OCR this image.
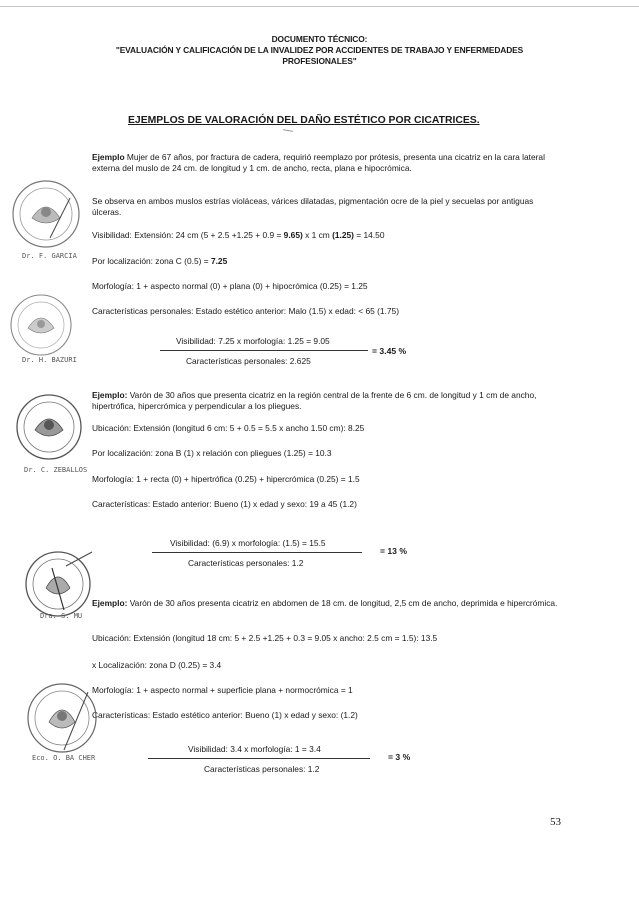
DOCUMENTO TÉCNICO:
"EVALUACIÓN Y CALIFICACIÓN DE LA INVALIDEZ POR ACCIDENTES DE TRABAJO Y ENFERMEDADES
PROFESIONALES"
EJEMPLOS DE VALORACIÓN DEL DAÑO ESTÉTICO POR CICATRICES.
Ejemplo Mujer de 67 años, por fractura de cadera, requirió reemplazo por prótesis, presenta una cicatriz en la cara lateral externa del muslo de 24 cm. de longitud y 1 cm. de ancho, recta, plana e hipocrómica.
Se observa en ambos muslos estrías violáceas, várices dilatadas, pigmentación ocre de la piel y secuelas por antiguas úlceras.
Visibilidad: Extensión: 24 cm (5 + 2.5 +1.25 + 0.9 = 9.65) x 1 cm (1.25) = 14.50
Por localización: zona C (0.5) = 7.25
Morfología: 1 + aspecto normal (0) + plana (0) + hipocrómica (0.25) = 1.25
Características personales: Estado estético anterior: Malo (1.5) x edad: < 65 (1.75)
Visibilidad: 7.25 x morfología: 1.25 = 9.05
Características personales: 2.625
= 3.45 %
Ejemplo: Varón de 30 años que presenta cicatriz en la región central de la frente de 6 cm. de longitud y 1 cm de ancho, hipertrófica, hipercrómica y perpendicular a los pliegues.
Ubicación: Extensión (longitud 6 cm: 5 + 0.5 = 5.5 x ancho 1.50 cm): 8.25
Por localización: zona B (1) x relación con pliegues (1.25) = 10.3
Morfología: 1 + recta (0) + hipertrófica (0.25) + hipercrómica (0.25) = 1.5
Características: Estado anterior: Bueno (1) x edad y sexo: 19 a 45 (1.2)
Visibilidad: (6.9) x morfología: (1.5) = 15.5
Características personales: 1.2
= 13 %
Ejemplo: Varón de 30 años presenta cicatriz en abdomen de 18 cm. de longitud, 2,5 cm de ancho, deprimida e hipercrómica.
Ubicación: Extensión (longitud 18 cm: 5 + 2.5 +1.25 + 0.3 = 9.05 x ancho: 2.5 cm = 1.5): 13.5
x Localización: zona D (0.25) = 3.4
Morfología: 1 + aspecto normal + superficie plana + normocrómica = 1
Características: Estado estético anterior: Bueno (1) x edad y sexo: (1.2)
Visibilidad: 3.4 x morfología: 1 = 3.4
Características personales: 1.2
= 3 %
Dr. F. GARCIA
Dr. H. BAZURI
Dr. C. ZEBALLOS
Dra. S. MU
Eco. O. BA CHER
53
